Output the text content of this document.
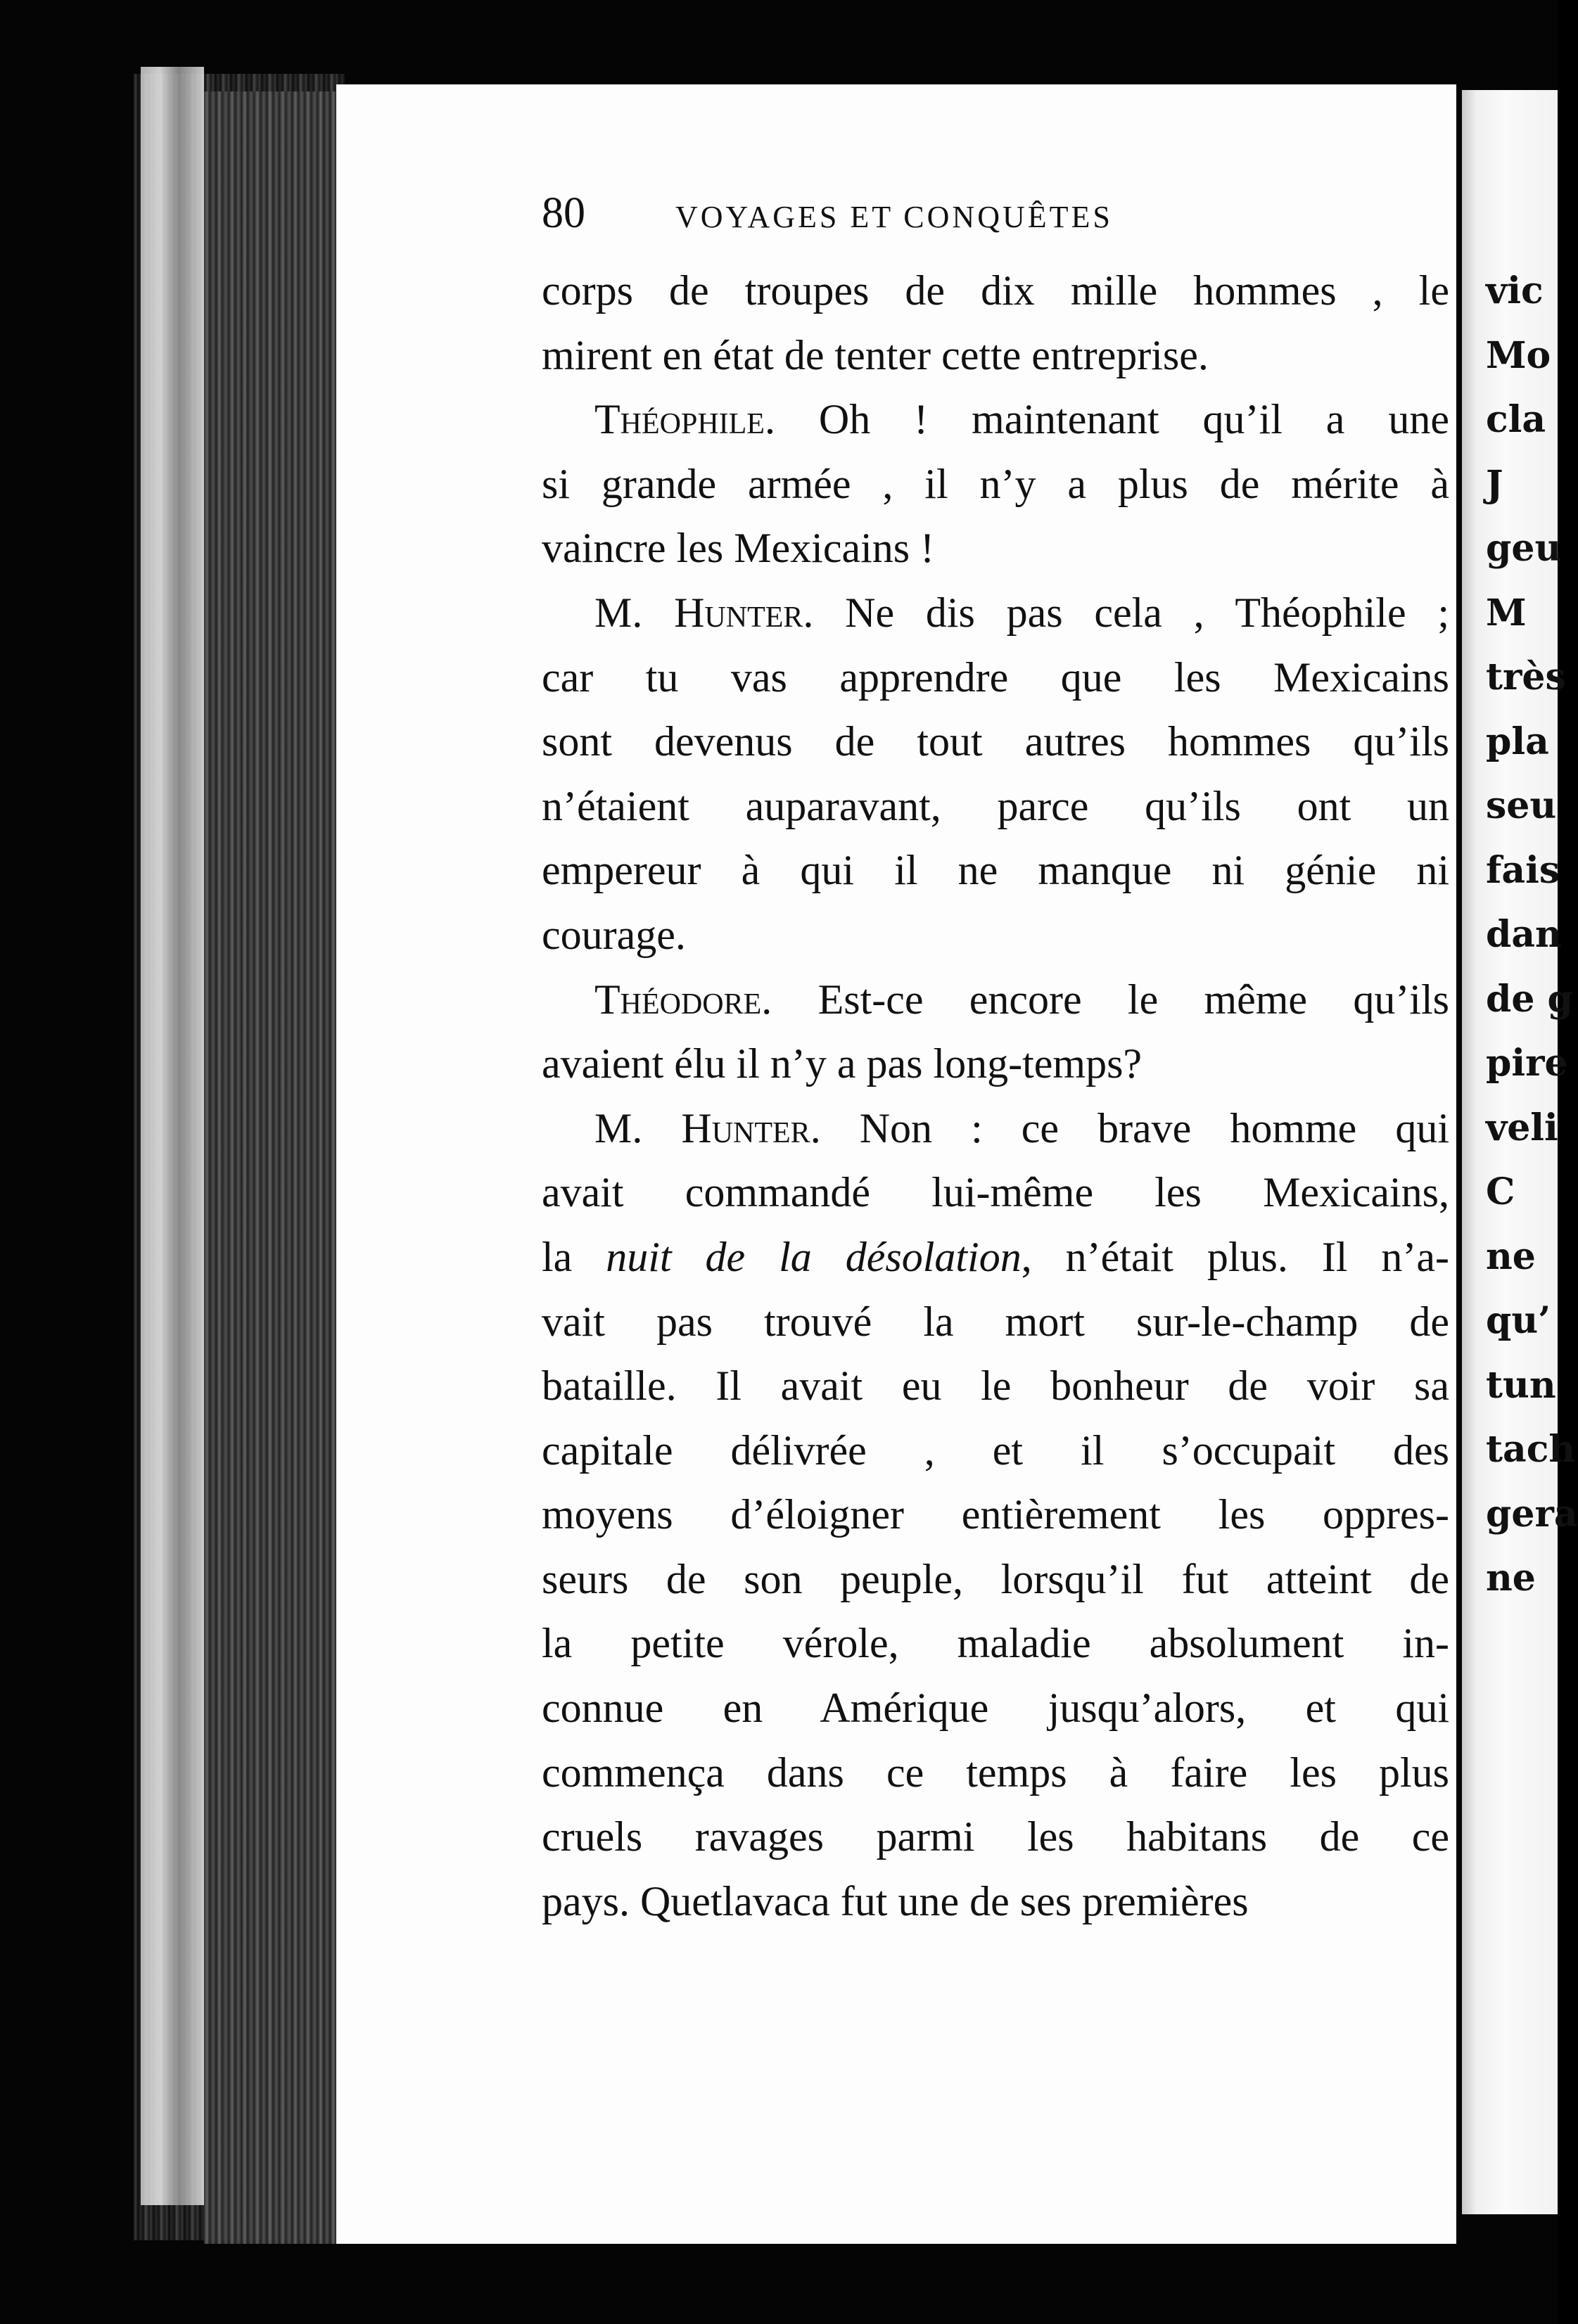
vic
Mo
cla
J
geu
M
très
pla
seu
fais
dan
de g
pire
veli
C
ne
qu’
tun
tach
gera
ne
80	VOYAGES ET CONQUÊTES
corps de troupes de dix mille hommes , le
mirent en état de tenter cette entreprise.
Théophile. Oh ! maintenant qu’il a une
si grande armée , il n’y a plus de mérite à
vaincre les Mexicains !
M. Hunter. Ne dis pas cela , Théophile ;
car tu vas apprendre que les Mexicains
sont devenus de tout autres hommes qu’ils
n’étaient auparavant, parce qu’ils ont un
empereur à qui il ne manque ni génie ni
courage.
Théodore. Est-ce encore le même qu’ils
avaient élu il n’y a pas long-temps?
M. Hunter. Non : ce brave homme qui
avait commandé lui-même les Mexicains,
la nuit de la désolation, n’était plus. Il n’a-
vait pas trouvé la mort sur-le-champ de
bataille. Il avait eu le bonheur de voir sa
capitale délivrée , et il s’occupait des
moyens d’éloigner entièrement les oppres-
seurs de son peuple, lorsqu’il fut atteint de
la petite vérole, maladie absolument in-
connue en Amérique jusqu’alors, et qui
commença dans ce temps à faire les plus
cruels ravages parmi les habitans de ce
pays. Quetlavaca fut une de ses premières
